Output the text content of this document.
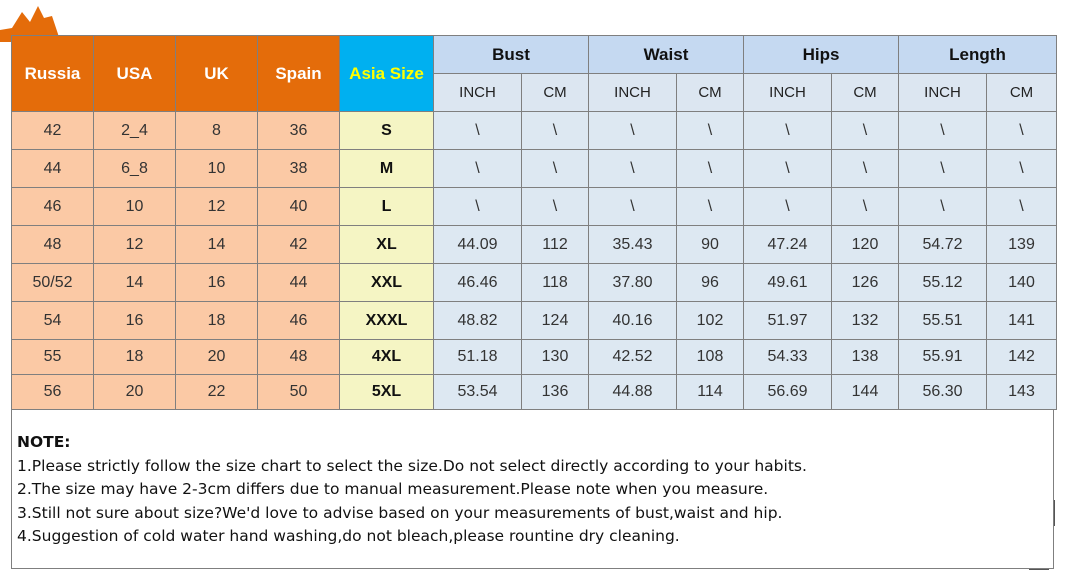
Russia	USA	UK	Spain	Asia Size	Bust		Waist		Hips		Length	
					INCH	CM	INCH	CM	INCH	CM	INCH	CM
42	2_4	8	36	S	\	\	\	\	\	\	\	\
44	6_8	10	38	M	\	\	\	\	\	\	\	\
46	10	12	40	L	\	\	\	\	\	\	\	\
48	12	14	42	XL	44.09	112	35.43	90	47.24	120	54.72	139
50/52	14	16	44	XXL	46.46	118	37.80	96	49.61	126	55.12	140
54	16	18	46	XXXL	48.82	124	40.16	102	51.97	132	55.51	141
55	18	20	48	4XL	51.18	130	42.52	108	54.33	138	55.91	142
56	20	22	50	5XL	53.54	136	44.88	114	56.69	144	56.30	143
NOTE:
1.Please strictly follow the size chart to select the size.Do not select directly according to your habits.
2.The size may have 2-3cm differs due to manual measurement.Please note when you measure.
3.Still not sure about size?We'd love to advise based on your measurements of bust,waist and hip.
4.Suggestion of cold water hand washing,do not bleach,please rountine dry cleaning.
